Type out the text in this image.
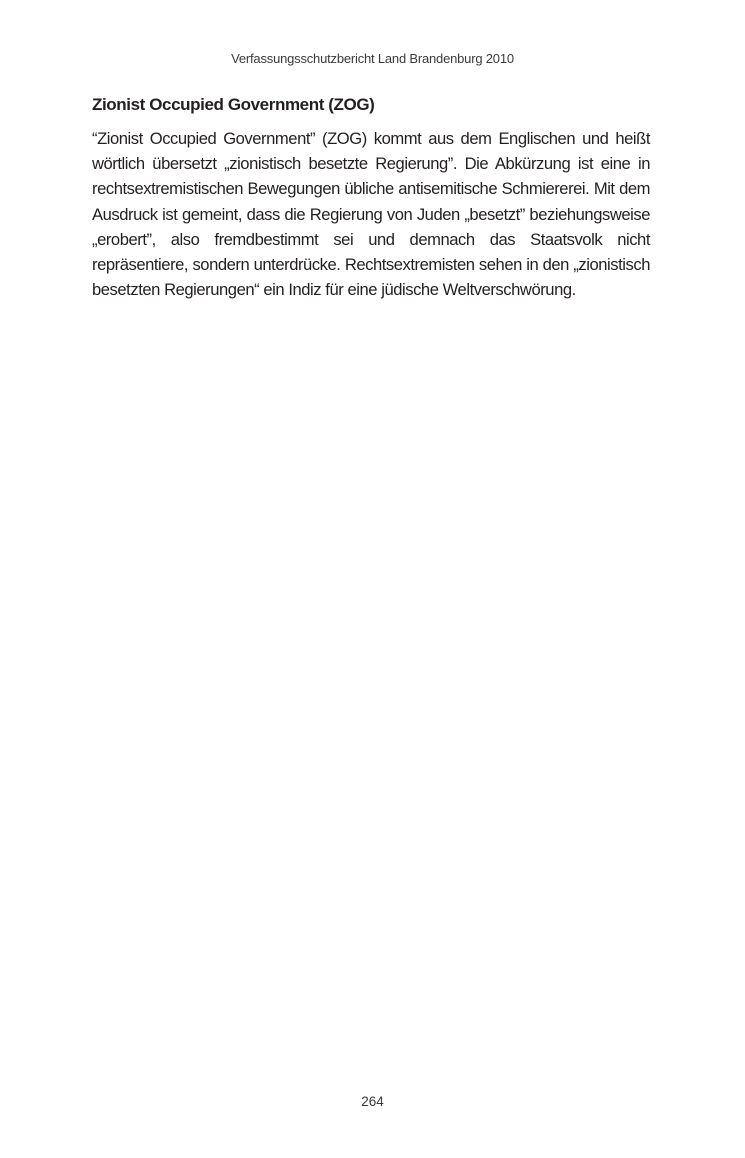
Verfassungsschutzbericht Land Brandenburg 2010
Zionist Occupied Government (ZOG)

“Zionist Occupied Government” (ZOG) kommt aus dem Englischen und heißt wörtlich übersetzt „zionistisch besetzte Regierung”. Die Abkürzung ist eine in rechtsextremistischen Bewegungen übliche antisemitische Schmiererei. Mit dem Ausdruck ist gemeint, dass die Regierung von Juden „besetzt” beziehungsweise „erobert”, also fremdbestimmt sei und demnach das Staatsvolk nicht repräsentiere, sondern unterdrücke. Rechtsextremisten sehen in den „zionistisch besetzten Regierungen“ ein Indiz für eine jüdische Weltverschwörung.

264
